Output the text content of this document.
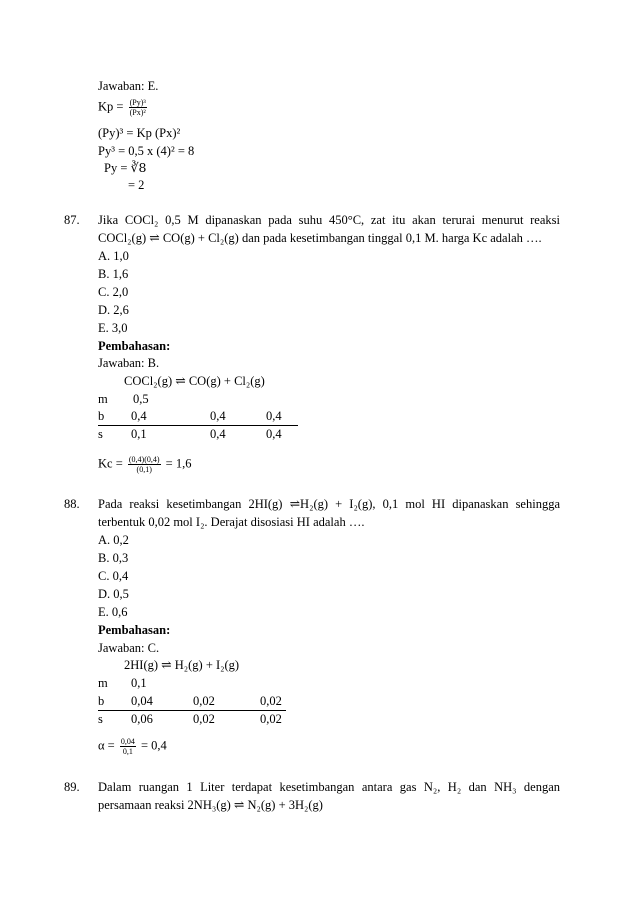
Jawaban: E.
$Kp = \frac{\text{(Py)³}}{\text{(Px)²}}$
(Py)³ = Kp (Px)²
Py³ = 0,5 x (4)² = 8
Py = ∛8
= 2
87. Jika COCl₂ 0,5 M dipanaskan pada suhu 450°C, zat itu akan terurai menurut reaksi
COCl₂(g) ⇌ CO(g) + Cl₂(g) dan pada kesetimbangan tinggal 0,1 M. harga Kc adalah ….
A. 1,0
B. 1,6
C. 2,0
D. 2,6
E. 3,0
Pembahasan:
Jawaban: B.
COCl₂(g) ⇌ CO(g) + Cl₂(g)
m 0,5
b 0,4	0,4	0,4
s 0,1	0,4	0,4
$Kc = \frac{(0,4)(0,4)}{(0,1)} = 1,6$
88. Pada reaksi kesetimbangan 2HI(g) ⇌H₂(g) + I₂(g), 0,1 mol HI dipanaskan sehingga
terbentuk 0,02 mol I₂. Derajat disosiasi HI adalah ….
A. 0,2
B. 0,3
C. 0,4
D. 0,5
E. 0,6
Pembahasan:
Jawaban: C.
2HI(g) ⇌ H₂(g) + I₂(g)
m 0,1
b 0,04	0,02	0,02
s 0,06	0,02	0,02
$\alpha = \frac{0,04}{0,1} = 0,4$
89. Dalam ruangan 1 Liter terdapat kesetimbangan antara gas N₂, H₂ dan NH₃ dengan
persamaan reaksi 2NH₃(g) ⇌ N₂(g) + 3H₂(g)
